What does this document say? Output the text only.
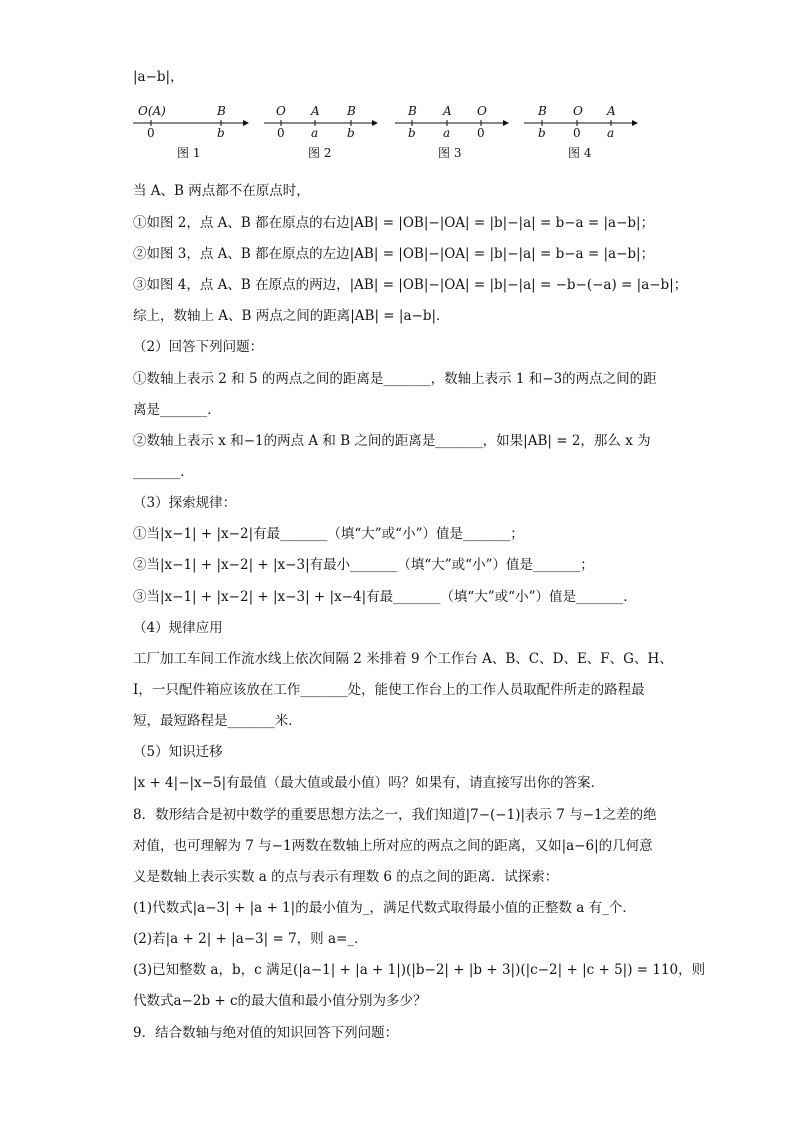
|a−b|，
O(A)	B
0	b
图 1
O A B
0 a b
图 2
B A O
b a 0
图 3
B O A
b 0 a
图 4
当 A、B 两点都不在原点时，
①如图 2，点 A、B 都在原点的右边|AB| = |OB|−|OA| = |b|−|a| = b−a = |a−b|；
②如图 3，点 A、B 都在原点的左边|AB| = |OB|−|OA| = |b|−|a| = b−a = |a−b|；
③如图 4，点 A、B 在原点的两边，|AB| = |OB|−|OA| = |b|−|a| = −b−(−a) = |a−b|；
综上，数轴上 A、B 两点之间的距离|AB| = |a−b|．
（2）回答下列问题：
①数轴上表示 2 和 5 的两点之间的距离是_______，数轴上表示 1 和−3的两点之间的距
离是_______．
②数轴上表示 x 和−1的两点 A 和 B 之间的距离是_______，如果|AB| = 2，那么 x 为
_______．
（3）探索规律：
①当|x−1| + |x−2|有最_______（填“大”或“小”）值是_______；
②当|x−1| + |x−2| + |x−3|有最小_______（填“大”或“小”）值是_______；
③当|x−1| + |x−2| + |x−3| + |x−4|有最_______（填“大”或“小”）值是_______．
（4）规律应用
工厂加工车间工作流水线上依次间隔 2 米排着 9 个工作台 A、B、C、D、E、F、G、H、
I，一只配件箱应该放在工作_______处，能使工作台上的工作人员取配件所走的路程最
短，最短路程是_______米．
（5）知识迁移
|x + 4|−|x−5|有最值（最大值或最小值）吗？如果有，请直接写出你的答案．
8．数形结合是初中数学的重要思想方法之一，我们知道|7−(−1)|表示 7 与−1之差的绝
对值，也可理解为 7 与−1两数在数轴上所对应的两点之间的距离，又如|a−6|的几何意
义是数轴上表示实数 a 的点与表示有理数 6 的点之间的距离．试探索：
(1)代数式|a−3| + |a + 1|的最小值为_，满足代数式取得最小值的正整数 a 有_个．
(2)若|a + 2| + |a−3| = 7，则 a=_．
(3)已知整数 a，b，c 满足(|a−1| + |a + 1|)(|b−2| + |b + 3|)(|c−2| + |c + 5|) = 110，则
代数式a−2b + c的最大值和最小值分别为多少？
9．结合数轴与绝对值的知识回答下列问题：
